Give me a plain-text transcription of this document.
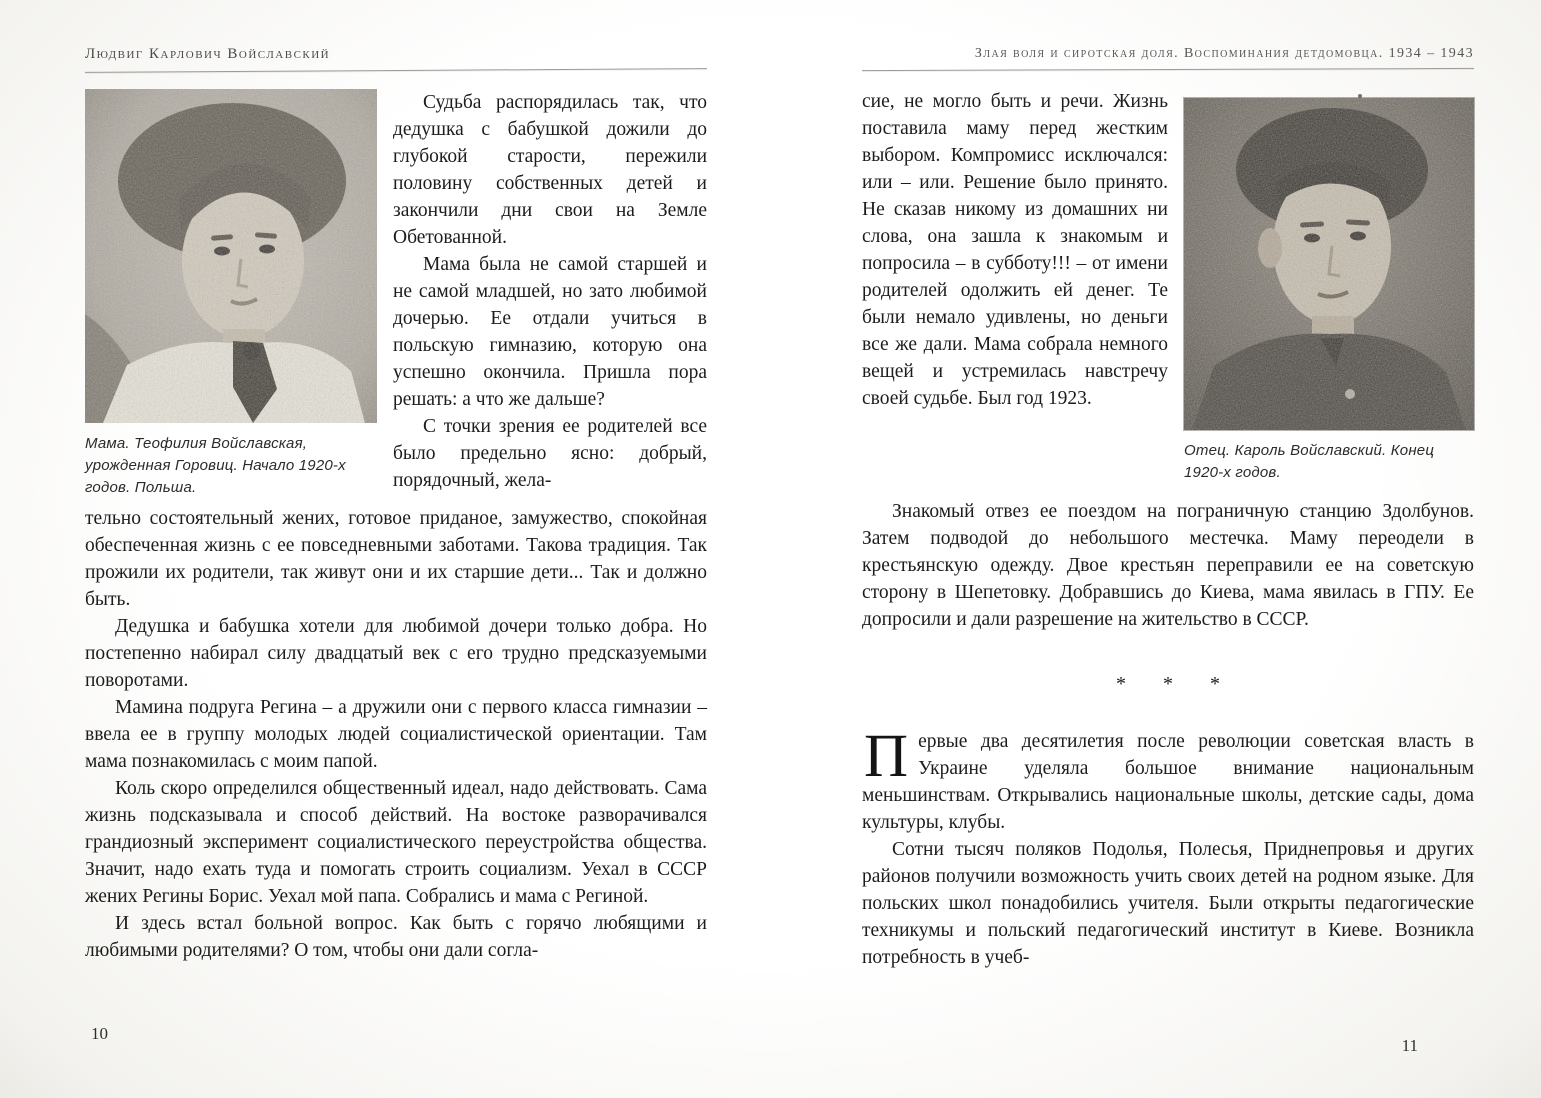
Людвиг Карлович Войславский
Мама. Теофилия Войславская, урожденная Горовиц. Начало 1920-х годов. Польша.

Судьба распорядилась так, что дедушка с бабушкой дожили до глубокой старости, пережили половину собственных детей и закончили дни свои на Земле Обетованной.

Мама была не самой старшей и не самой младшей, но зато любимой дочерью. Ее отдали учиться в польскую гимназию, которую она успешно окончила. Пришла пора решать: а что же дальше?

С точки зрения ее родителей все было предельно ясно: добрый, порядочный, жела-

тельно состоятельный жених, готовое приданое, замужество, спокойная обеспеченная жизнь с ее повседневными заботами. Такова традиция. Так прожили их родители, так живут они и их старшие дети... Так и должно быть.

Дедушка и бабушка хотели для любимой дочери только добра. Но постепенно набирал силу двадцатый век с его трудно предсказуемыми поворотами.

Мамина подруга Регина – а дружили они с первого класса гимназии – ввела ее в группу молодых людей социалистической ориентации. Там мама познакомилась с моим папой.

Коль скоро определился общественный идеал, надо действовать. Сама жизнь подсказывала и способ действий. На востоке разворачивался грандиозный эксперимент социалистического переустройства общества. Значит, надо ехать туда и помогать строить социализм. Уехал в СССР жених Регины Борис. Уехал мой папа. Собрались и мама с Региной.

И здесь встал больной вопрос. Как быть с горячо любящими и любимыми родителями? О том, чтобы они дали согла-

10
Злая воля и сиротская доля. Воспоминания детдомовца. 1934 – 1943

сие, не могло быть и речи. Жизнь поставила маму перед жестким выбором. Компромисс исключался: или – или. Решение было принято. Не сказав никому из домашних ни слова, она зашла к знакомым и попросила – в субботу!!! – от имени родителей одолжить ей денег. Те были немало удивлены, но деньги все же дали. Мама собрала немного вещей и устремилась навстречу своей судьбе. Был год 1923.

Отец. Кароль Войславский. Конец 1920-х годов.

Знакомый отвез ее поездом на пограничную станцию Здолбунов. Затем подводой до небольшого местечка. Маму переодели в крестьянскую одежду. Двое крестьян переправили ее на советскую сторону в Шепетовку. Добравшись до Киева, мама явилась в ГПУ. Ее допросили и дали разрешение на жительство в СССР.

* * *

Первые два десятилетия после революции советская власть в Украине уделяла большое внимание национальным меньшинствам. Открывались национальные школы, детские сады, дома культуры, клубы.

Сотни тысяч поляков Подолья, Полесья, Приднепровья и других районов получили возможность учить своих детей на родном языке. Для польских школ понадобились учителя. Были открыты педагогические техникумы и польский педагогический институт в Киеве. Возникла потребность в учеб-

11
